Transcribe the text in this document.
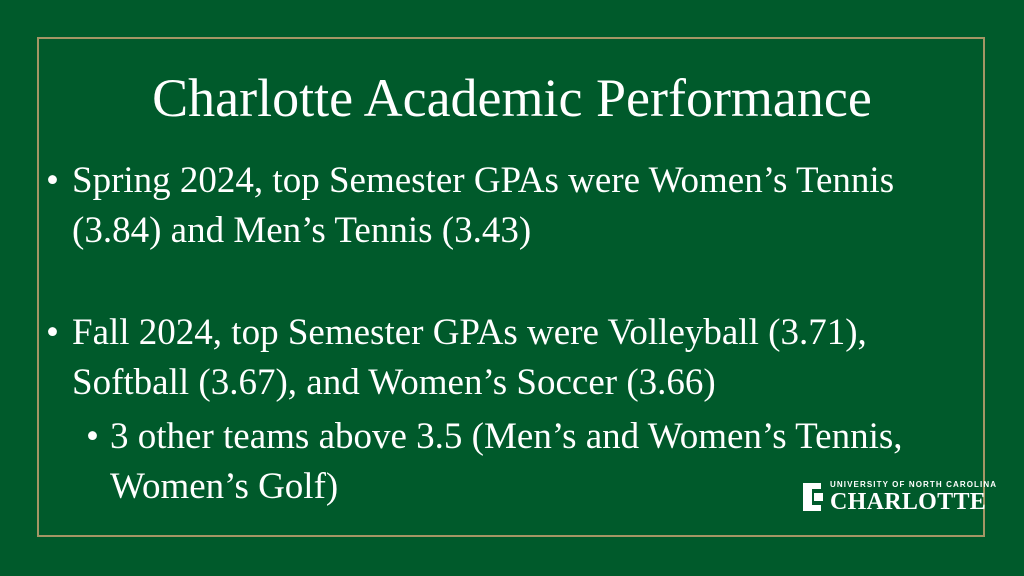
Charlotte Academic Performance
• Spring 2024, top Semester GPAs were Women’s Tennis (3.84) and Men’s Tennis (3.43)
• Fall 2024, top Semester GPAs were Volleyball (3.71), Softball (3.67), and Women’s Soccer (3.66)
• 3 other teams above 3.5 (Men’s and Women’s Tennis, Women’s Golf)	UNIVERSITY OF NORTH CAROLINA
CHARLOTTE
